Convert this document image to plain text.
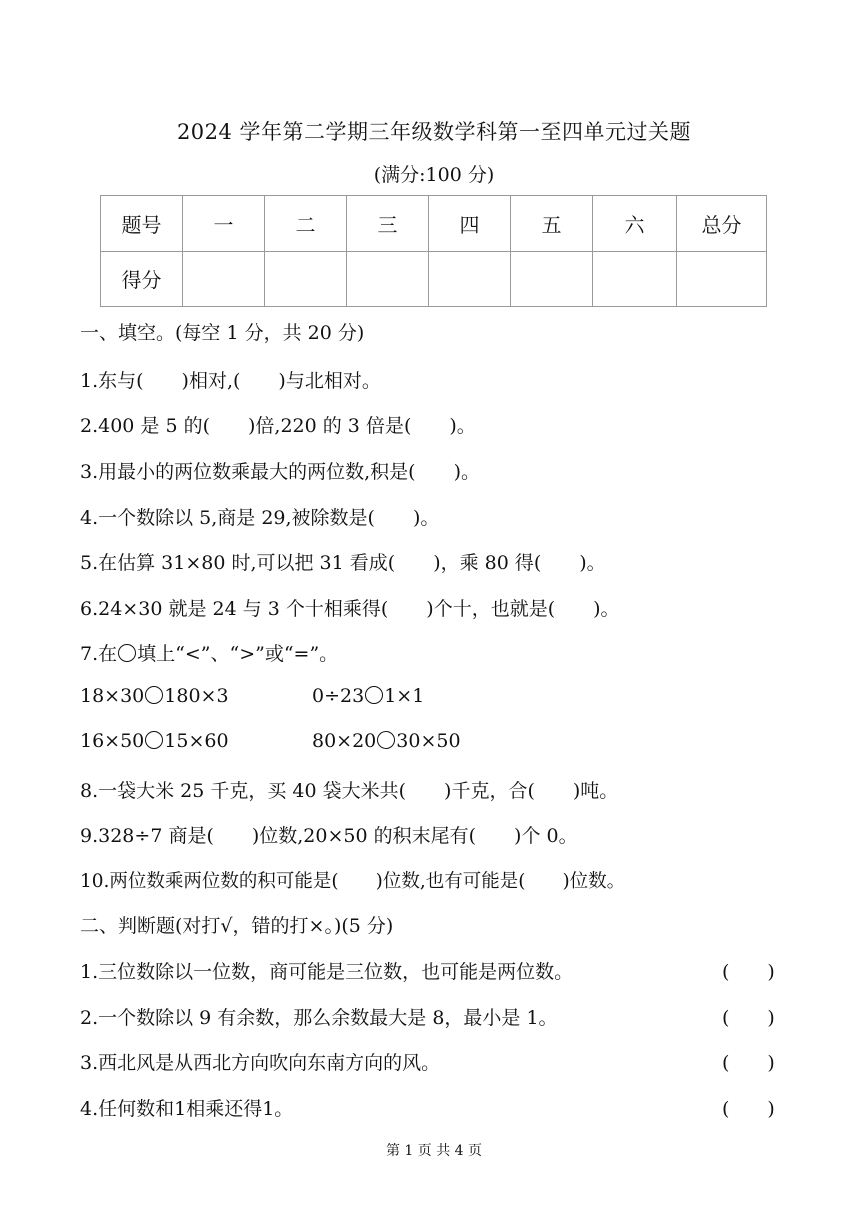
2024 学年第二学期三年级数学科第一至四单元过关题
(满分:100 分)
题号	一	二	三	四	五	六	总分
得分							
一、填空。(每空 1 分，共 20 分)
1.东与(　　)相对,(　　)与北相对。
2.400 是 5 的(　　)倍,220 的 3 倍是(　　)。
3.用最小的两位数乘最大的两位数,积是(　　)。
4.一个数除以 5,商是 29,被除数是(　　)。
5.在估算 31×80 时,可以把 31 看成(　　)，乘 80 得(　　)。
6.24×30 就是 24 与 3 个十相乘得(　　)个十，也就是(　　)。
7.在 填上“<”、“>”或“=”。
18×30 180×3	0÷23 1×1
16×50 15×60	80×20 30×50
8.一袋大米 25 千克，买 40 袋大米共(　　)千克，合(　　)吨。
9.328÷7 商是(　　)位数,20×50 的积末尾有(　　)个 0。
10.两位数乘两位数的积可能是(　　)位数,也有可能是(　　)位数。
二、判断题(对打√，错的打×。)(5 分)
1.三位数除以一位数，商可能是三位数，也可能是两位数。	(　　)
2.一个数除以 9 有余数，那么余数最大是 8，最小是 1。	(　　)
3.西北风是从西北方向吹向东南方向的风。	(　　)
4.任何数和1相乘还得1。	(　　)
第 1 页 共 4 页
